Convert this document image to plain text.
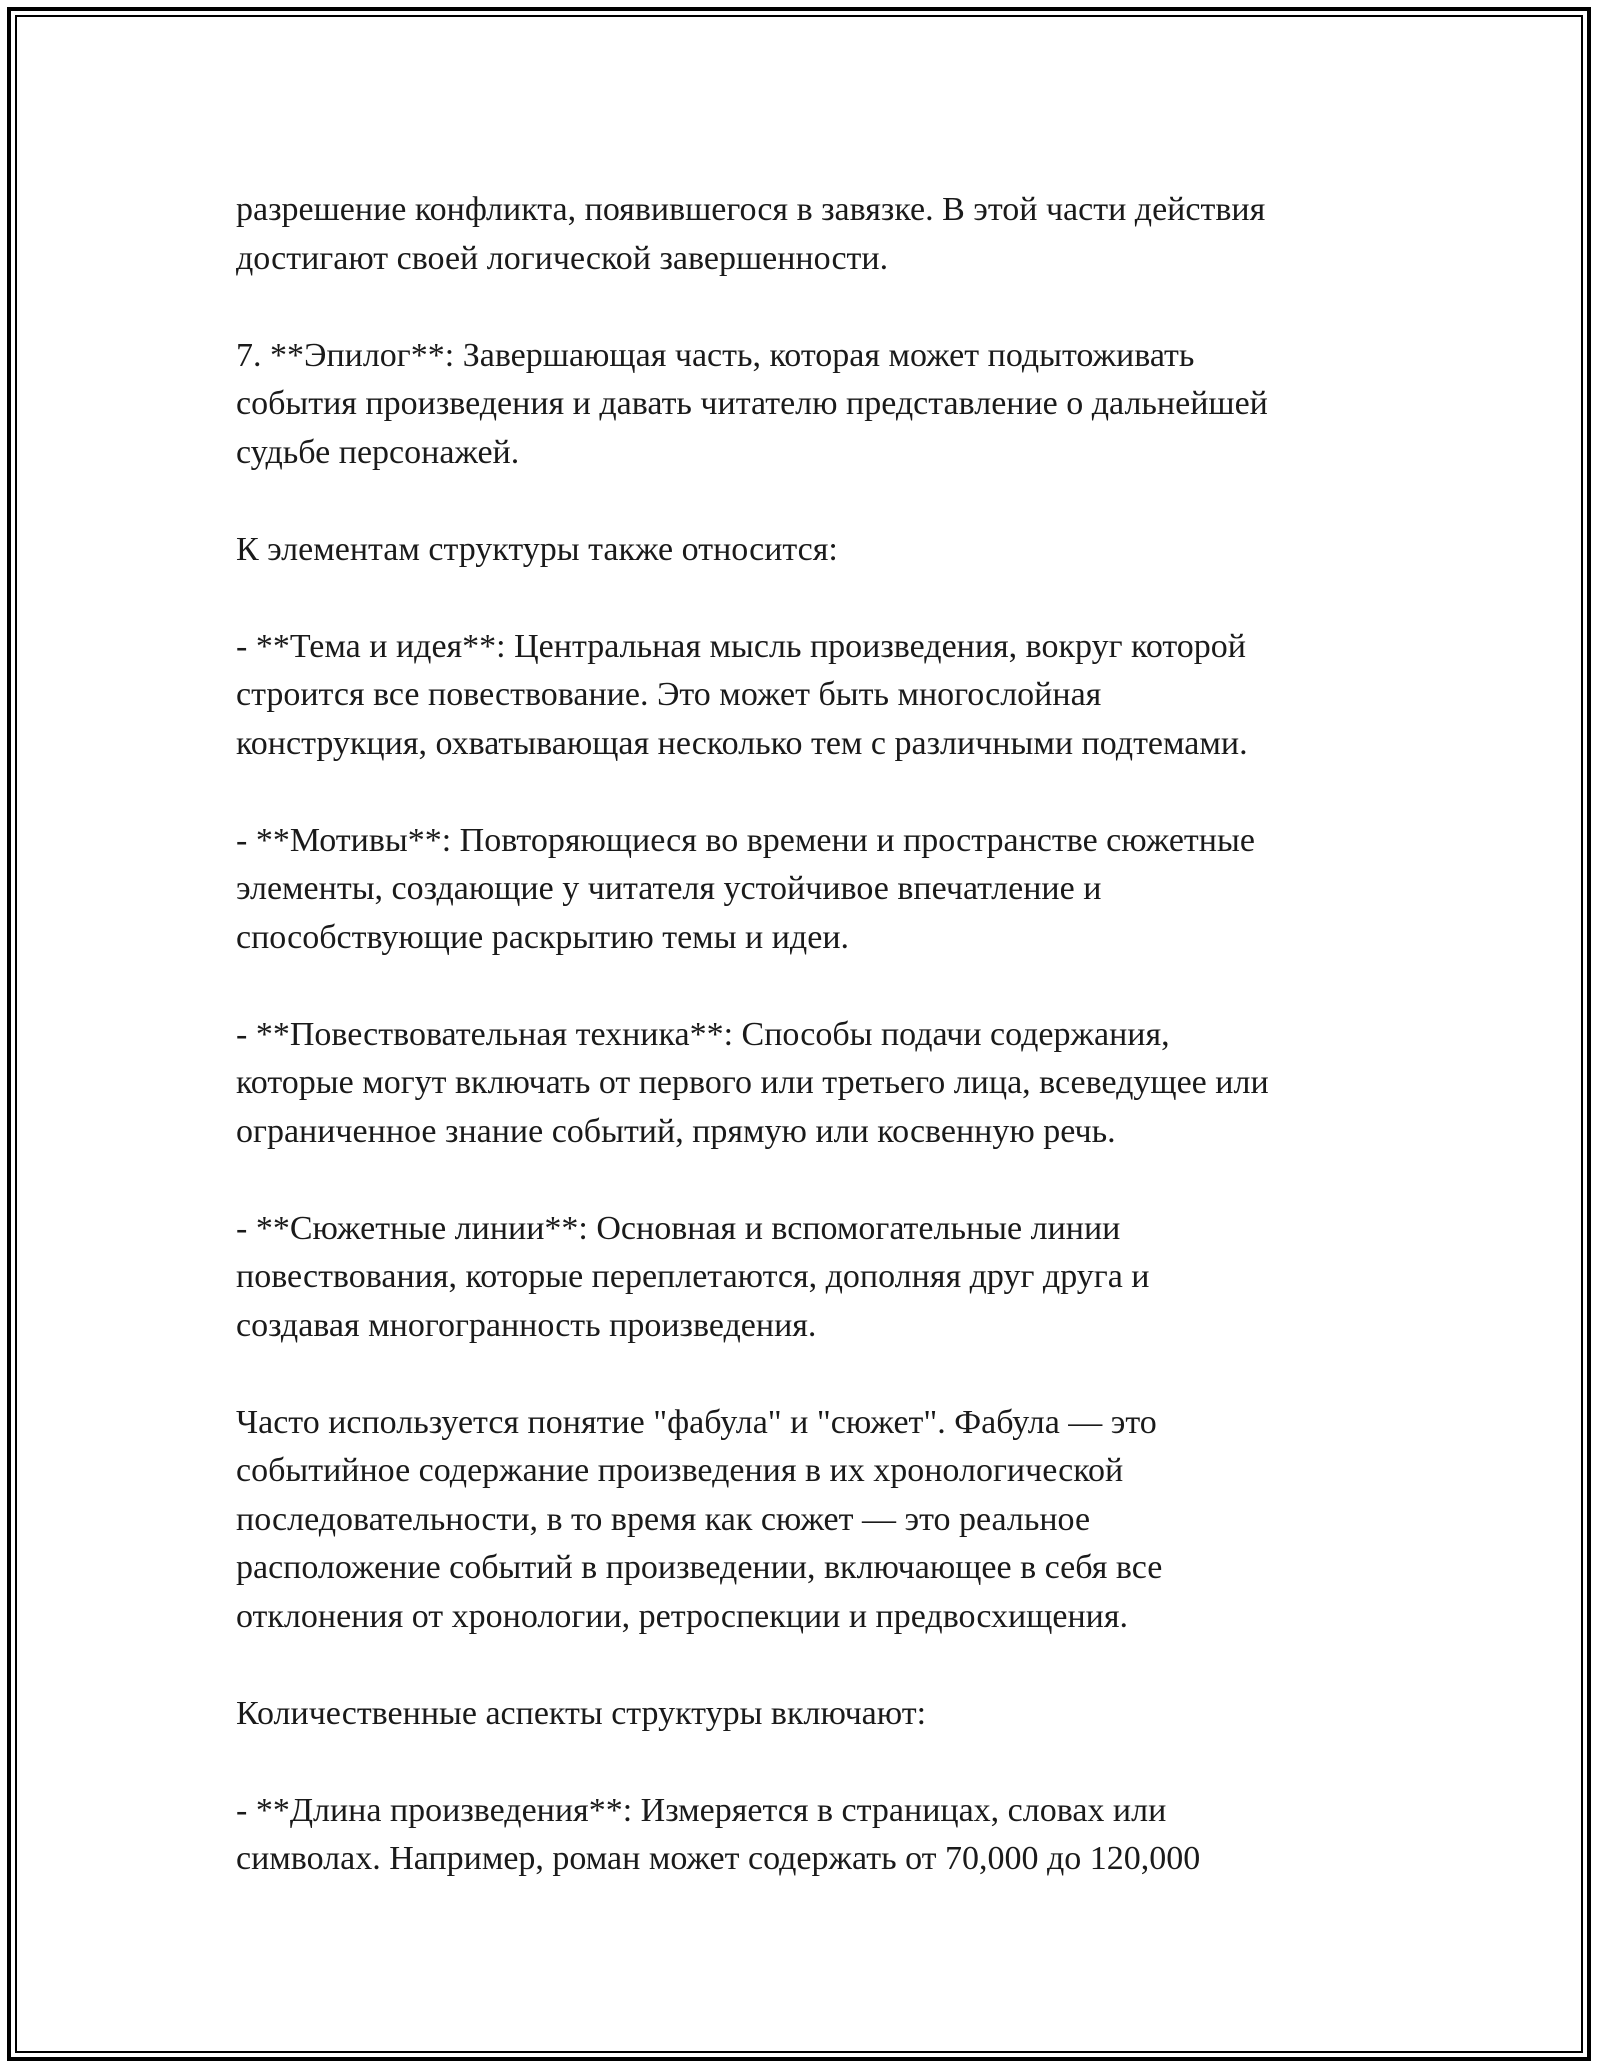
разрешение конфликта, появившегося в завязке. В этой части действия
достигают своей логической завершенности.

7. **Эпилог**: Завершающая часть, которая может подытоживать
события произведения и давать читателю представление о дальнейшей
судьбе персонажей.

К элементам структуры также относится:

- **Тема и идея**: Центральная мысль произведения, вокруг которой
строится все повествование. Это может быть многослойная
конструкция, охватывающая несколько тем с различными подтемами.

- **Мотивы**: Повторяющиеся во времени и пространстве сюжетные
элементы, создающие у читателя устойчивое впечатление и
способствующие раскрытию темы и идеи.

- **Повествовательная техника**: Способы подачи содержания,
которые могут включать от первого или третьего лица, всеведущее или
ограниченное знание событий, прямую или косвенную речь.

- **Сюжетные линии**: Основная и вспомогательные линии
повествования, которые переплетаются, дополняя друг друга и
создавая многогранность произведения.

Часто используется понятие "фабула" и "сюжет". Фабула — это
событийное содержание произведения в их хронологической
последовательности, в то время как сюжет — это реальное
расположение событий в произведении, включающее в себя все
отклонения от хронологии, ретроспекции и предвосхищения.

Количественные аспекты структуры включают:

- **Длина произведения**: Измеряется в страницах, словах или
символах. Например, роман может содержать от 70,000 до 120,000
